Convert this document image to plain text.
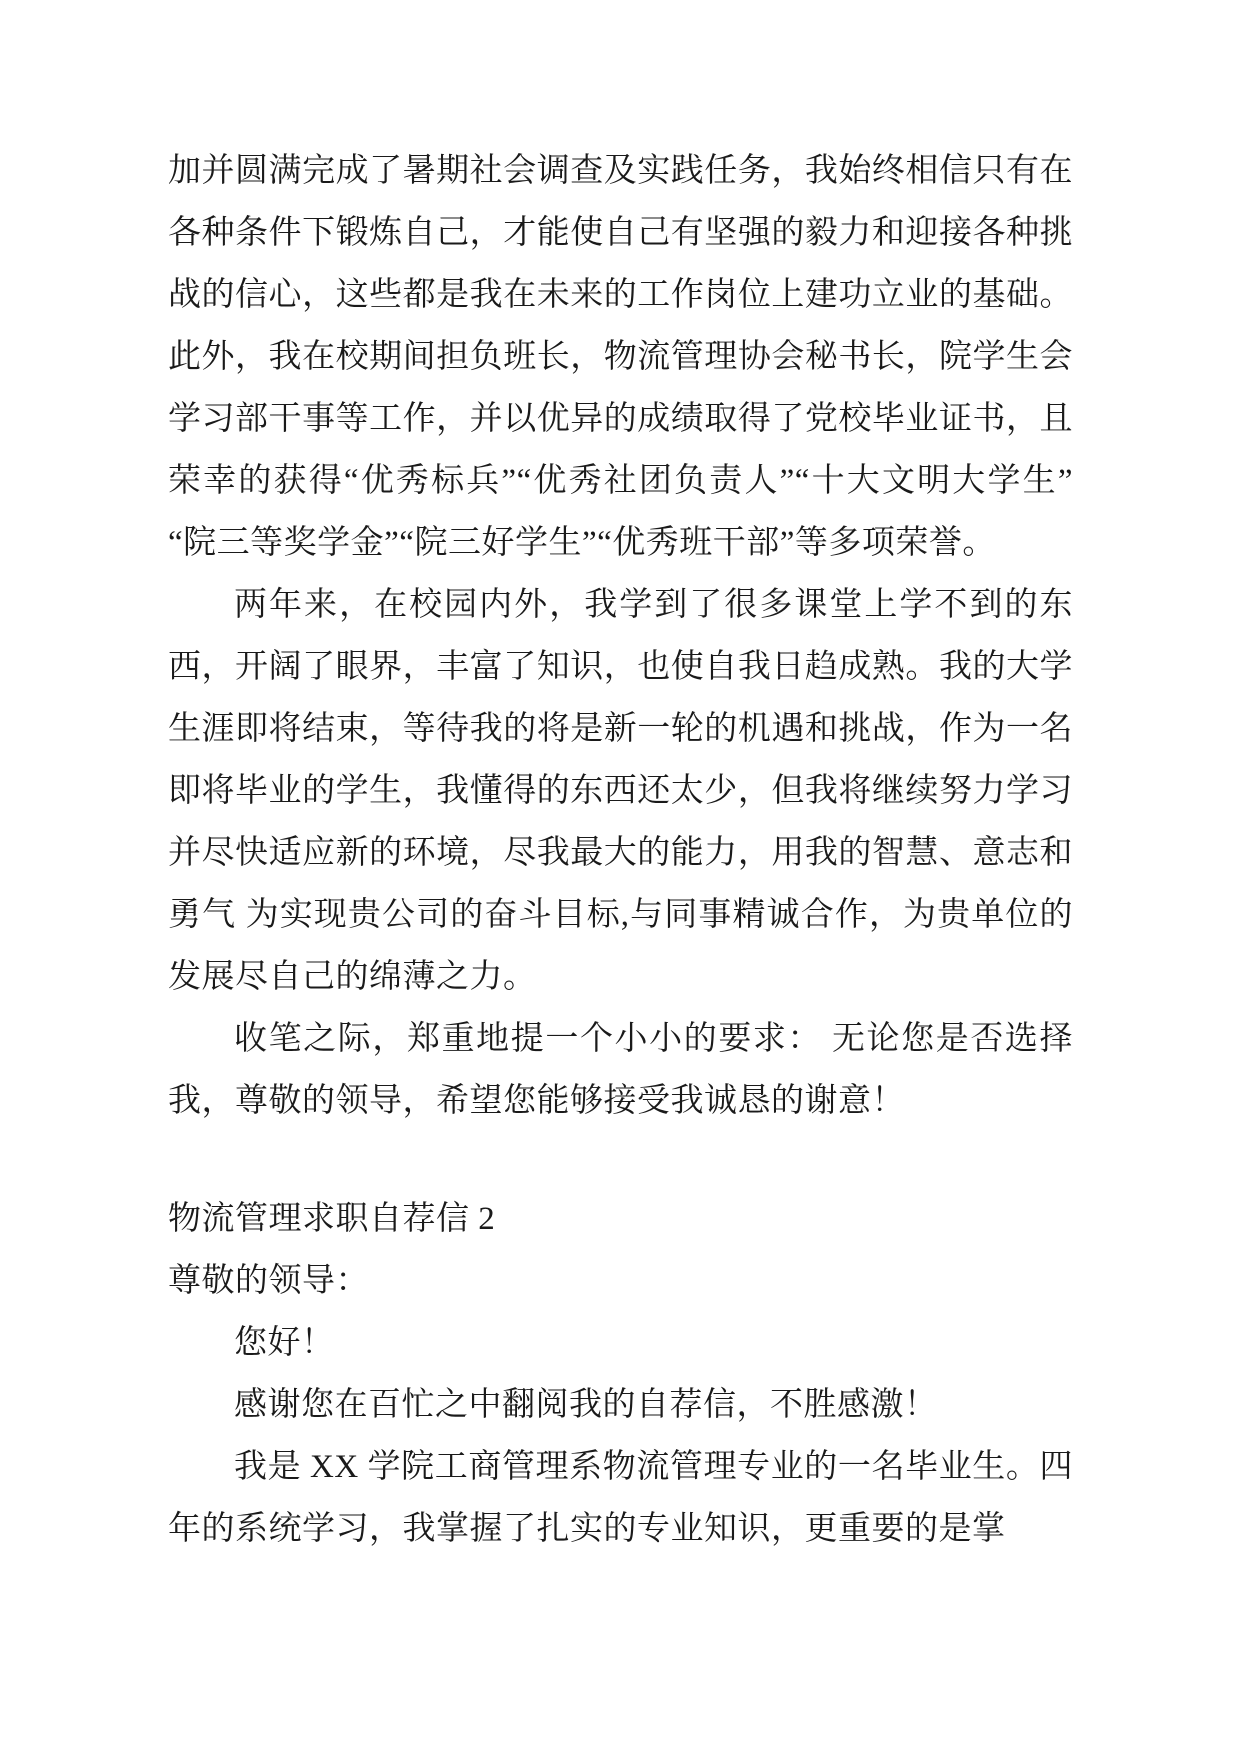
加并圆满完成了暑期社会调查及实践任务，我始终相信只有在各种条件下锻炼自己，才能使自己有坚强的毅力和迎接各种挑战的信心，这些都是我在未来的工作岗位上建功立业的基础。此外，我在校期间担负班长，物流管理协会秘书长，院学生会学习部干事等工作，并以优异的成绩取得了党校毕业证书，且荣幸的获得“优秀标兵”“优秀社团负责人”“十大文明大学生”“院三等奖学金”“院三好学生”“优秀班干部”等多项荣誉。

两年来，在校园内外，我学到了很多课堂上学不到的东西，开阔了眼界，丰富了知识，也使自我日趋成熟。我的大学生涯即将结束，等待我的将是新一轮的机遇和挑战，作为一名即将毕业的学生，我懂得的东西还太少，但我将继续努力学习并尽快适应新的环境，尽我最大的能力，用我的智慧、意志和勇气 为实现贵公司的奋斗目标,与同事精诚合作，为贵单位的发展尽自己的绵薄之力。

收笔之际，郑重地提一个小小的要求： 无论您是否选择我，尊敬的领导，希望您能够接受我诚恳的谢意！

物流管理求职自荐信 2

尊敬的领导：

您好！

感谢您在百忙之中翻阅我的自荐信，不胜感激！

我是 XX 学院工商管理系物流管理专业的一名毕业生。四年的系统学习，我掌握了扎实的专业知识，更重要的是掌
